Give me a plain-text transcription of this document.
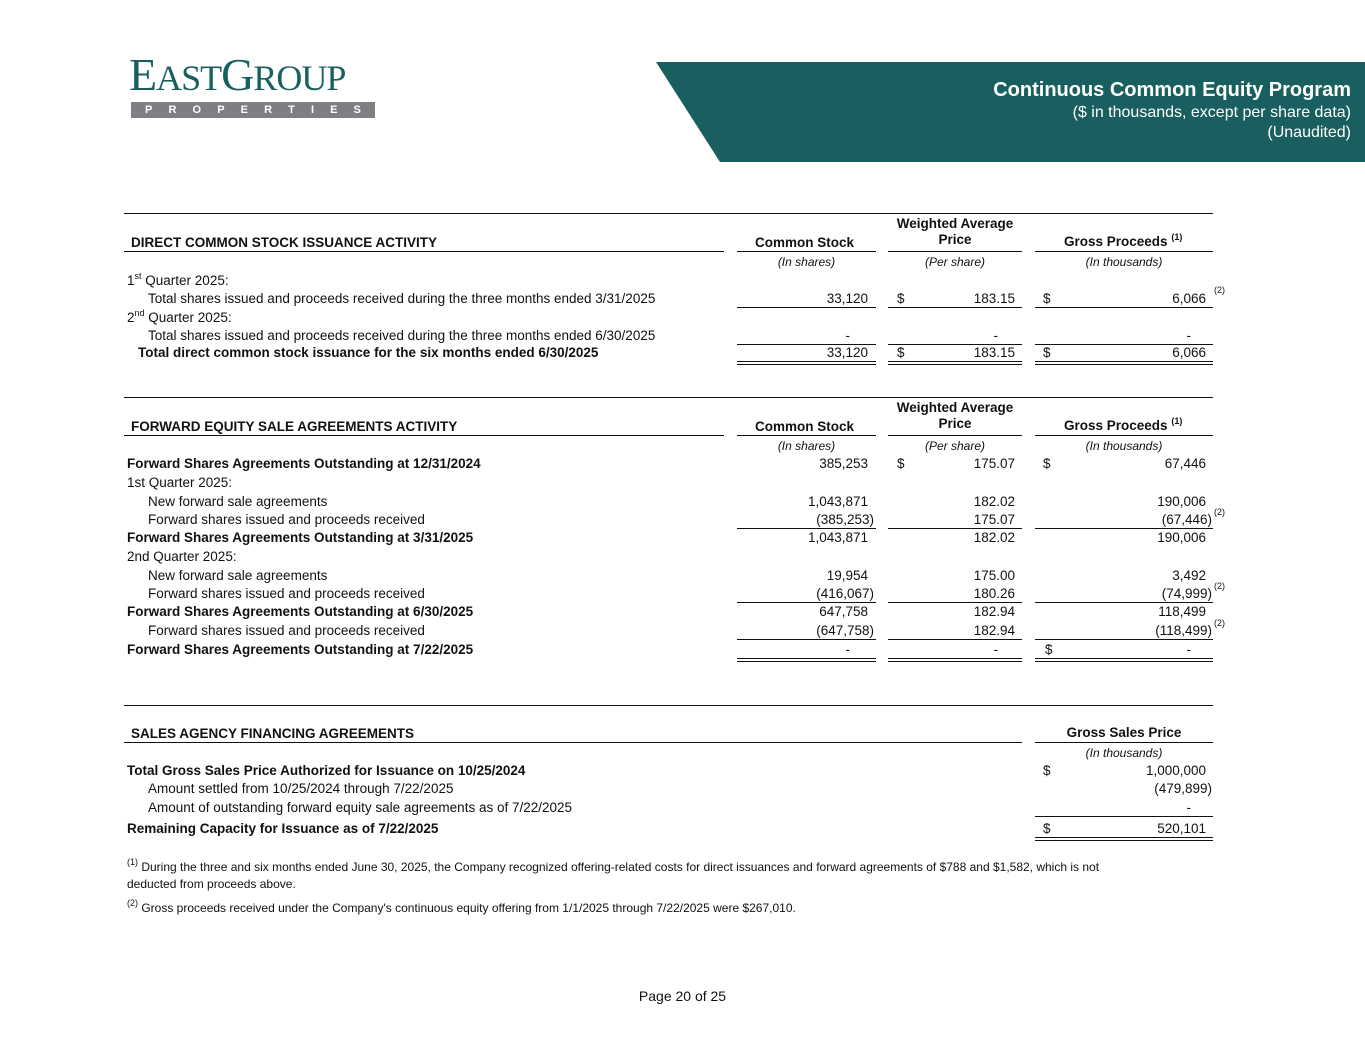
EASTGROUP
P R O P E R T I E S
Continuous Common Equity Program
($ in thousands, except per share data)
(Unaudited)
DIRECT COMMON STOCK ISSUANCE ACTIVITY	Common Stock
Weighted Average
Price	Gross Proceeds $^{(1)}$
(In shares)	(Per share)	(In thousands)
1st Quarter 2025:
Total shares issued and proceeds received during the three months ended 3/31/2025	33,120 $	183.15 $	6,066
$^{(2)}$
2nd Quarter 2025:
Total shares issued and proceeds received during the three months ended 6/30/2025	-	-	-
Total direct common stock issuance for the six months ended 6/30/2025	33,120 $	183.15 $	6,066
FORWARD EQUITY SALE AGREEMENTS ACTIVITY	Common Stock
Weighted Average
Price	Gross Proceeds $^{(1)}$
(In shares)	(Per share)	(In thousands)
Forward Shares Agreements Outstanding at 12/31/2024	385,253 $	175.07 $	67,446
1st Quarter 2025:
New forward sale agreements	1,043,871	182.02	190,006
Forward shares issued and proceeds received	(385,253)	175.07	(67,446) $^{(2)}$
Forward Shares Agreements Outstanding at 3/31/2025	1,043,871	182.02	190,006
2nd Quarter 2025:
New forward sale agreements	19,954	175.00	3,492
Forward shares issued and proceeds received	(416,067)	180.26	(74,999) $^{(2)}$
Forward Shares Agreements Outstanding at 6/30/2025	647,758	182.94	118,499
Forward shares issued and proceeds received	(647,758)	182.94	(118,499) $^{(2)}$
Forward Shares Agreements Outstanding at 7/22/2025	-	-	$	-
SALES AGENCY FINANCING AGREEMENTS	Gross Sales Price
(In thousands)
Total Gross Sales Price Authorized for Issuance on 10/25/2024	$	1,000,000
Amount settled from 10/25/2024 through 7/22/2025	(479,899)
Amount of outstanding forward equity sale agreements as of 7/22/2025	-
Remaining Capacity for Issuance as of 7/22/2025	$	520,101
$^{(1)}$ During the three and six months ended June 30, 2025, the Company recognized offering-related costs for direct issuances and forward agreements of $788 and $1,582, which is not
deducted from proceeds above.
$^{(2)}$ Gross proceeds received under the Company's continuous equity offering from 1/1/2025 through 7/22/2025 were $267,010.
Page 20 of 25
